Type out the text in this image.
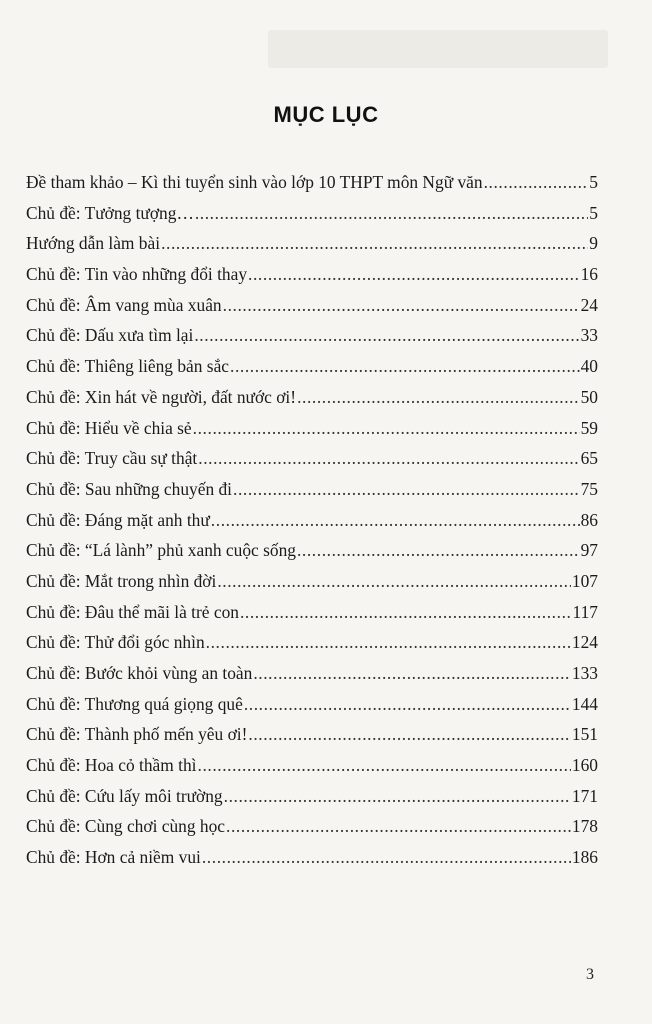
MỤC LỤC
Đề tham khảo – Kì thi tuyển sinh vào lớp 10 THPT môn Ngữ văn .....	5
Chủ đề: Tưởng tượng… .....	5
Hướng dẫn làm bài .....	9
Chủ đề: Tin vào những đổi thay .....	16
Chủ đề: Âm vang mùa xuân .....	24
Chủ đề: Dấu xưa tìm lại .....	33
Chủ đề: Thiêng liêng bản sắc .....	40
Chủ đề: Xin hát về người, đất nước ơi! .....	50
Chủ đề: Hiểu về chia sẻ .....	59
Chủ đề: Truy cầu sự thật .....	65
Chủ đề: Sau những chuyến đi .....	75
Chủ đề: Đáng mặt anh thư .....	86
Chủ đề: “Lá lành” phủ xanh cuộc sống .....	97
Chủ đề: Mắt trong nhìn đời .....	107
Chủ đề: Đâu thể mãi là trẻ con .....	117
Chủ đề: Thử đổi góc nhìn .....	124
Chủ đề: Bước khỏi vùng an toàn .....	133
Chủ đề: Thương quá giọng quê .....	144
Chủ đề: Thành phố mến yêu ơi! .....	151
Chủ đề: Hoa cỏ thầm thì .....	160
Chủ đề: Cứu lấy môi trường .....	171
Chủ đề: Cùng chơi cùng học .....	178
Chủ đề: Hơn cả niềm vui .....	186
3
